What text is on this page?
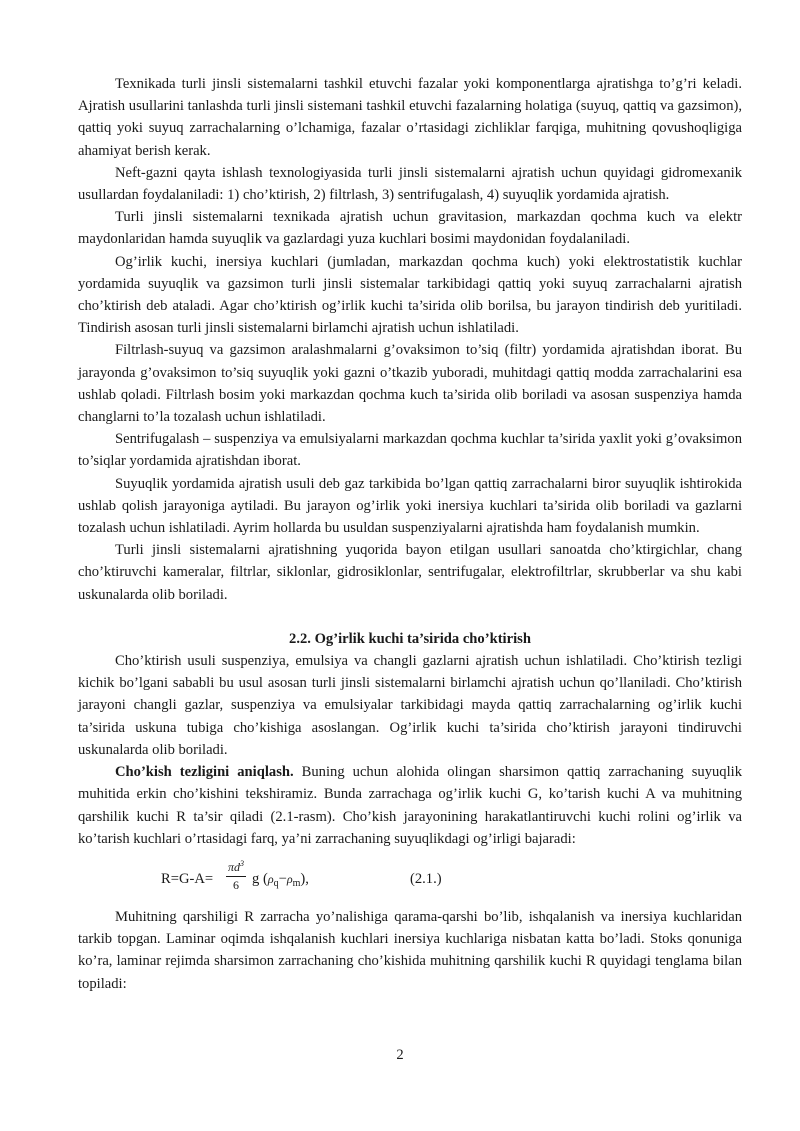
Texnikada turli jinsli sistemalarni tashkil etuvchi fazalar yoki komponentlarga ajratishga to’g’ri keladi. Ajratish usullarini tanlashda turli jinsli sistemani tashkil etuvchi fazalarning holatiga (suyuq, qattiq va gazsimon), qattiq yoki suyuq zarrachalarning o’lchamiga, fazalar o’rtasidagi zichliklar farqiga, muhitning qovushoqligiga ahamiyat berish kerak.

Neft-gazni qayta ishlash texnologiyasida turli jinsli sistemalarni ajratish uchun quyidagi gidromexanik usullardan foydalaniladi: 1) cho’ktirish, 2) filtrlash, 3) sentrifugalash, 4) suyuqlik yordamida ajratish.

Turli jinsli sistemalarni texnikada ajratish uchun gravitasion, markazdan qochma kuch va elektr maydonlaridan hamda suyuqlik va gazlardagi yuza kuchlari bosimi maydonidan foydalaniladi.

Og’irlik kuchi, inersiya kuchlari (jumladan, markazdan qochma kuch) yoki elektrostatistik kuchlar yordamida suyuqlik va gazsimon turli jinsli sistemalar tarkibidagi qattiq yoki suyuq zarrachalarni ajratish cho’ktirish deb ataladi. Agar cho’ktirish og’irlik kuchi ta’sirida olib borilsa, bu jarayon tindirish deb yuritiladi. Tindirish asosan turli jinsli sistemalarni birlamchi ajratish uchun ishlatiladi.

Filtrlash-suyuq va gazsimon aralashmalarni g’ovaksimon to’siq (filtr) yordamida ajratishdan iborat. Bu jarayonda g’ovaksimon to’siq suyuqlik yoki gazni o’tkazib yuboradi, muhitdagi qattiq modda zarrachalarini esa ushlab qoladi. Filtrlash bosim yoki markazdan qochma kuch ta’sirida olib boriladi va asosan suspenziya hamda changlarni to’la tozalash uchun ishlatiladi.

Sentrifugalash – suspenziya va emulsiyalarni markazdan qochma kuchlar ta’sirida yaxlit yoki g’ovaksimon to’siqlar yordamida ajratishdan iborat.

Suyuqlik yordamida ajratish usuli deb gaz tarkibida bo’lgan qattiq zarrachalarni biror suyuqlik ishtirokida ushlab qolish jarayoniga aytiladi. Bu jarayon og’irlik yoki inersiya kuchlari ta’sirida olib boriladi va gazlarni tozalash uchun ishlatiladi. Ayrim hollarda bu usuldan suspenziyalarni ajratishda ham foydalanish mumkin.

Turli jinsli sistemalarni ajratishning yuqorida bayon etilgan usullari sanoatda cho’ktirgichlar, chang cho’ktiruvchi kameralar, filtrlar, siklonlar, gidrosiklonlar, sentrifugalar, elektrofiltrlar, skrubberlar va shu kabi uskunalarda olib boriladi.

2.2. Og’irlik kuchi ta’sirida cho’ktirish

Cho’ktirish usuli suspenziya, emulsiya va changli gazlarni ajratish uchun ishlatiladi. Cho’ktirish tezligi kichik bo’lgani sababli bu usul asosan turli jinsli sistemalarni birlamchi ajratish uchun qo’llaniladi. Cho’ktirish jarayoni changli gazlar, suspenziya va emulsiyalar tarkibidagi mayda qattiq zarrachalarning og’irlik kuchi ta’sirida uskuna tubiga cho’kishiga asoslangan. Og’irlik kuchi ta’sirida cho’ktirish jarayoni tindiruvchi uskunalarda olib boriladi.

Cho’kish tezligini aniqlash. Buning uchun alohida olingan sharsimon qattiq zarrachaning suyuqlik muhitida erkin cho’kishini tekshiramiz. Bunda zarrachaga og’irlik kuchi G, ko’tarish kuchi A va muhitning qarshilik kuchi R ta’sir qiladi (2.1-rasm). Cho’kish jarayonining harakatlantiruvchi kuchi rolini og’irlik va ko’tarish kuchlari o’rtasidagi farq, ya’ni zarrachaning suyuqlikdagi og’irligi bajaradi:

$R=G-A= \frac{\pi d^3}{6}$ g $(\rho_q-\rho_m)$,	(2.1.)

Muhitning qarshiligi R zarracha yo’nalishiga qarama-qarshi bo’lib, ishqalanish va inersiya kuchlaridan tarkib topgan. Laminar oqimda ishqalanish kuchlari inersiya kuchlariga nisbatan katta bo’ladi. Stoks qonuniga ko’ra, laminar rejimda sharsimon zarrachaning cho’kishida muhitning qarshilik kuchi R quyidagi tenglama bilan topiladi:

2
